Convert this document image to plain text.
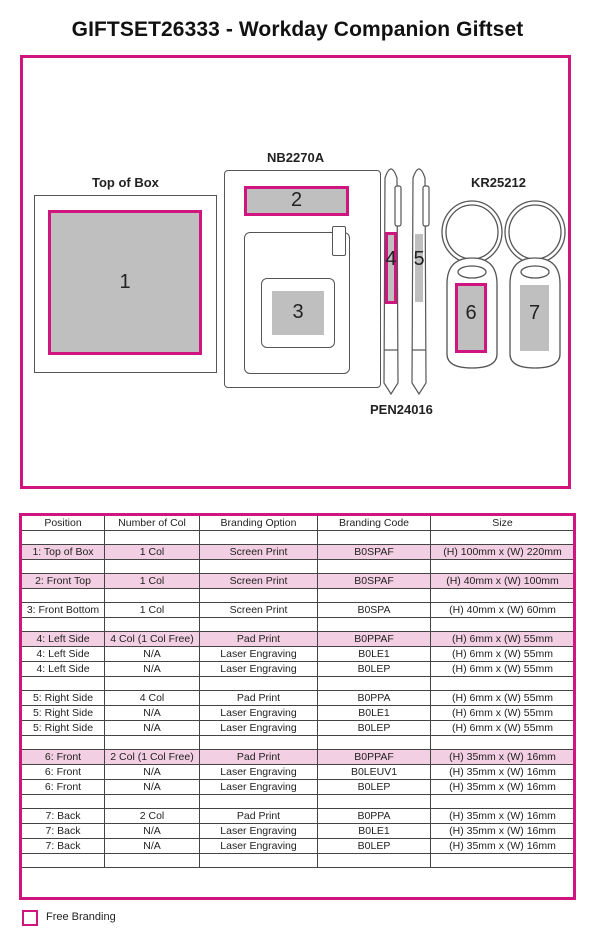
GIFTSET26333 - Workday Companion Giftset
Top of Box
1
NB2270A
2
3
4 5
PEN24016
KR25212
6	7
Position	Number of Col	Branding Option	Branding Code	Size

1: Top of Box	1 Col	Screen Print	B0SPAF	(H) 100mm x (W) 220mm

2: Front Top	1 Col	Screen Print	B0SPAF	(H) 40mm x (W) 100mm

3: Front Bottom	1 Col	Screen Print	B0SPA	(H) 40mm x (W) 60mm

4: Left Side	4 Col (1 Col Free)	Pad Print	B0PPAF	(H) 6mm x (W) 55mm
4: Left Side	N/A	Laser Engraving	B0LE1	(H) 6mm x (W) 55mm
4: Left Side	N/A	Laser Engraving	B0LEP	(H) 6mm x (W) 55mm

5: Right Side	4 Col	Pad Print	B0PPA	(H) 6mm x (W) 55mm
5: Right Side	N/A	Laser Engraving	B0LE1	(H) 6mm x (W) 55mm
5: Right Side	N/A	Laser Engraving	B0LEP	(H) 6mm x (W) 55mm

6: Front	2 Col (1 Col Free)	Pad Print	B0PPAF	(H) 35mm x (W) 16mm
6: Front	N/A	Laser Engraving	B0LEUV1	(H) 35mm x (W) 16mm
6: Front	N/A	Laser Engraving	B0LEP	(H) 35mm x (W) 16mm

7: Back	2 Col	Pad Print	B0PPA	(H) 35mm x (W) 16mm
7: Back	N/A	Laser Engraving	B0LE1	(H) 35mm x (W) 16mm
7: Back	N/A	Laser Engraving	B0LEP	(H) 35mm x (W) 16mm

Free Branding
